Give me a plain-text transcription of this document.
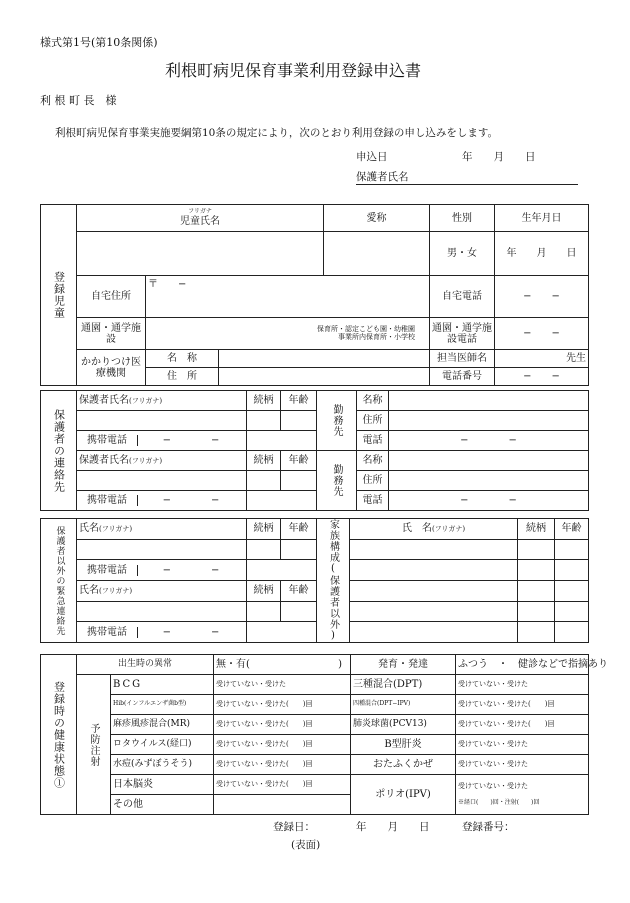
様式第1号(第10条関係)
利根町病児保育事業利用登録申込書
利 根 町 長　様
利根町病児保育事業実施要綱第10条の規定により，次のとおり利用登録の申し込みをします。
申込日	年　　月　　日
保護者氏名
登録児童	フリガナ
児童氏名			愛称	性別	生年月日
					男・女	年　　月　　日
	自宅住所	〒　　−			自宅電話	−　　−
	通園・通学施設	保育所・認定こども園・幼稚園
事業所内保育所・小学校			通園・通学施設電話	−　　−
	かかりつけ医療機関	名　称			担当医師名	先生
		住　所			電話番号	−　　−
保護者の連絡先	保護者氏名(フリガナ)	続柄	年齢	勤務先	名称	
					住所	

	携帯電話 −　　　　−				電話	−　　　　−
	保護者氏名(フリガナ)	続柄	年齢	勤務先	名称	
					住所	

	携帯電話 −　　　　−				電話	−　　　　−
保護者以外の緊急連絡先	氏名(フリガナ)	続柄	年齢	家族構成(保護者以外)	氏　名(フリガナ)	続柄	年齢

	携帯電話 −　　　　−						
	氏名(フリガナ)	続柄	年齢				

	携帯電話 −　　　　−						
登録時の健康状態①	出生時の異常		無・有( )	発育・発達	ふつう　・　健診などで指摘あり
	予防注射	BCG	受けていない・受けた	三種混合(DPT)	受けていない・受けた
		Hib(インフルエンザ菌b型)	受けていない・受けた(　　)回	四種混合(DPT−IPV)	受けていない・受けた(　　)回
		麻疹風疹混合(MR)	受けていない・受けた(　　)回	肺炎球菌(PCV13)	受けていない・受けた(　　)回
		ロタウイルス(経口)	受けていない・受けた(　　)回	B型肝炎	受けていない・受けた
		水痘(みずぼうそう)	受けていない・受けた(　　)回	おたふくかぜ	受けていない・受けた
		日本脳炎	受けていない・受けた(　　)回	ポリオ(IPV)	受けていない・受けた
※経口(　　)回・注射(　　)回

		その他			
登録日：	年　　月　　日	登録番号：
(表面)
